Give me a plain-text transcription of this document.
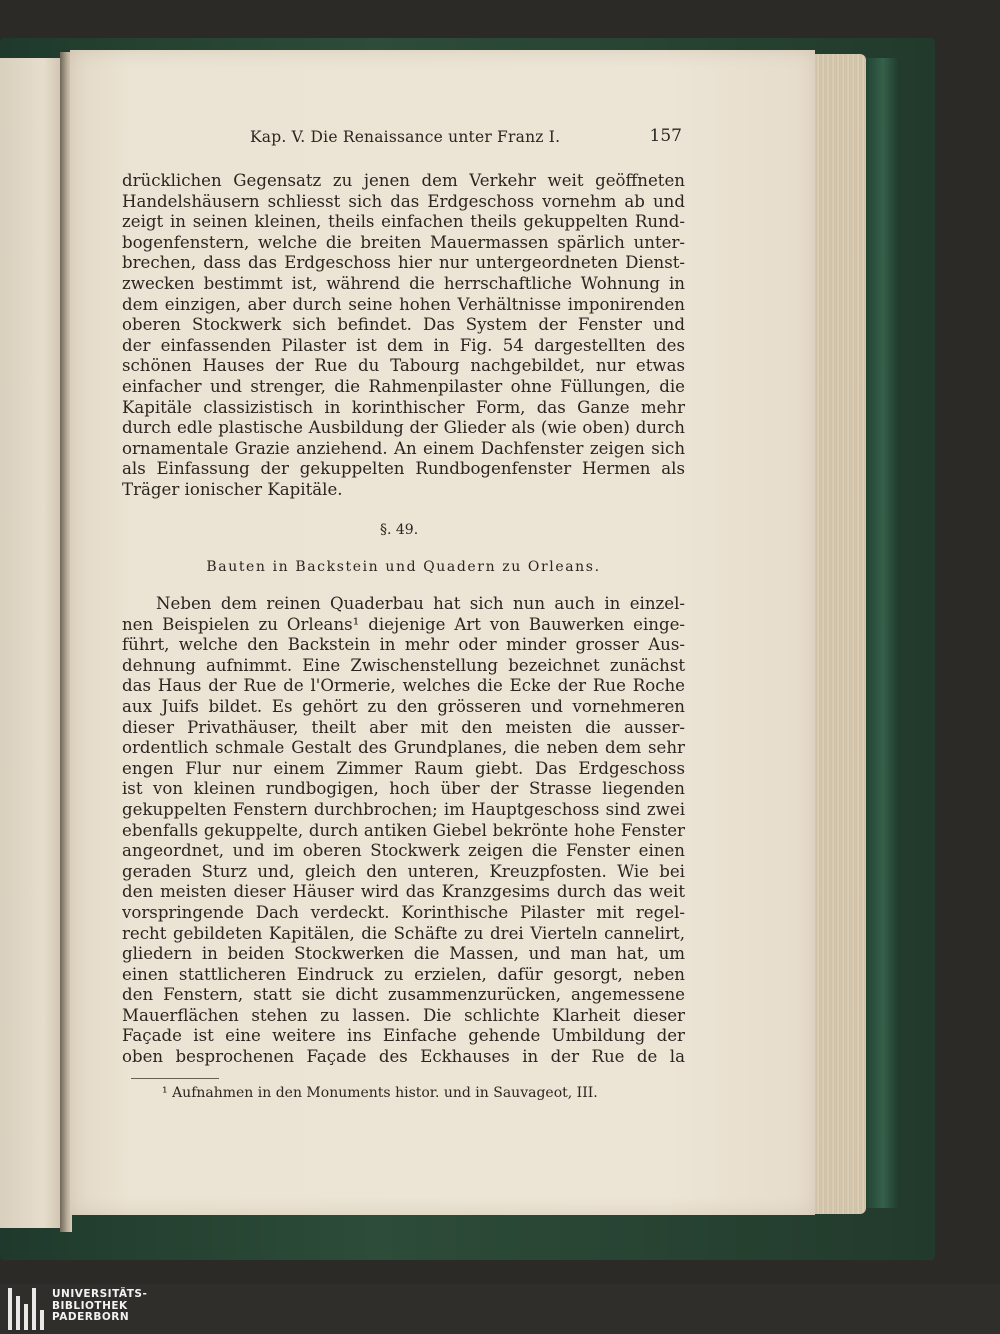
Kap. V. Die Renaissance unter Franz I.	157
drücklichen Gegensatz zu jenen dem Verkehr weit geöffneten
Handelshäusern schliesst sich das Erdgeschoss vornehm ab und
zeigt in seinen kleinen, theils einfachen theils gekuppelten Rund-
bogenfenstern, welche die breiten Mauermassen spärlich unter-
brechen, dass das Erdgeschoss hier nur untergeordneten Dienst-
zwecken bestimmt ist, während die herrschaftliche Wohnung in
dem einzigen, aber durch seine hohen Verhältnisse imponirenden
oberen Stockwerk sich befindet. Das System der Fenster und
der einfassenden Pilaster ist dem in Fig. 54 dargestellten des
schönen Hauses der Rue du Tabourg nachgebildet, nur etwas
einfacher und strenger, die Rahmenpilaster ohne Füllungen, die
Kapitäle classizistisch in korinthischer Form, das Ganze mehr
durch edle plastische Ausbildung der Glieder als (wie oben) durch
ornamentale Grazie anziehend. An einem Dachfenster zeigen sich
als Einfassung der gekuppelten Rundbogenfenster Hermen als
Träger ionischer Kapitäle.
§. 49.
Bauten in Backstein und Quadern zu Orleans.
Neben dem reinen Quaderbau hat sich nun auch in einzel-
nen Beispielen zu Orleans¹ diejenige Art von Bauwerken einge-
führt, welche den Backstein in mehr oder minder grosser Aus-
dehnung aufnimmt. Eine Zwischenstellung bezeichnet zunächst
das Haus der Rue de l'Ormerie, welches die Ecke der Rue Roche
aux Juifs bildet. Es gehört zu den grösseren und vornehmeren
dieser Privathäuser, theilt aber mit den meisten die ausser-
ordentlich schmale Gestalt des Grundplanes, die neben dem sehr
engen Flur nur einem Zimmer Raum giebt. Das Erdgeschoss
ist von kleinen rundbogigen, hoch über der Strasse liegenden
gekuppelten Fenstern durchbrochen; im Hauptgeschoss sind zwei
ebenfalls gekuppelte, durch antiken Giebel bekrönte hohe Fenster
angeordnet, und im oberen Stockwerk zeigen die Fenster einen
geraden Sturz und, gleich den unteren, Kreuzpfosten. Wie bei
den meisten dieser Häuser wird das Kranzgesims durch das weit
vorspringende Dach verdeckt. Korinthische Pilaster mit regel-
recht gebildeten Kapitälen, die Schäfte zu drei Vierteln cannelirt,
gliedern in beiden Stockwerken die Massen, und man hat, um
einen stattlicheren Eindruck zu erzielen, dafür gesorgt, neben
den Fenstern, statt sie dicht zusammenzurücken, angemessene
Mauerflächen stehen zu lassen. Die schlichte Klarheit dieser
Façade ist eine weitere ins Einfache gehende Umbildung der
oben besprochenen Façade des Eckhauses in der Rue de la
¹ Aufnahmen in den Monuments histor. und in Sauvageot, III.
UNIVERSITÄTS-
BIBLIOTHEK
PADERBORN
